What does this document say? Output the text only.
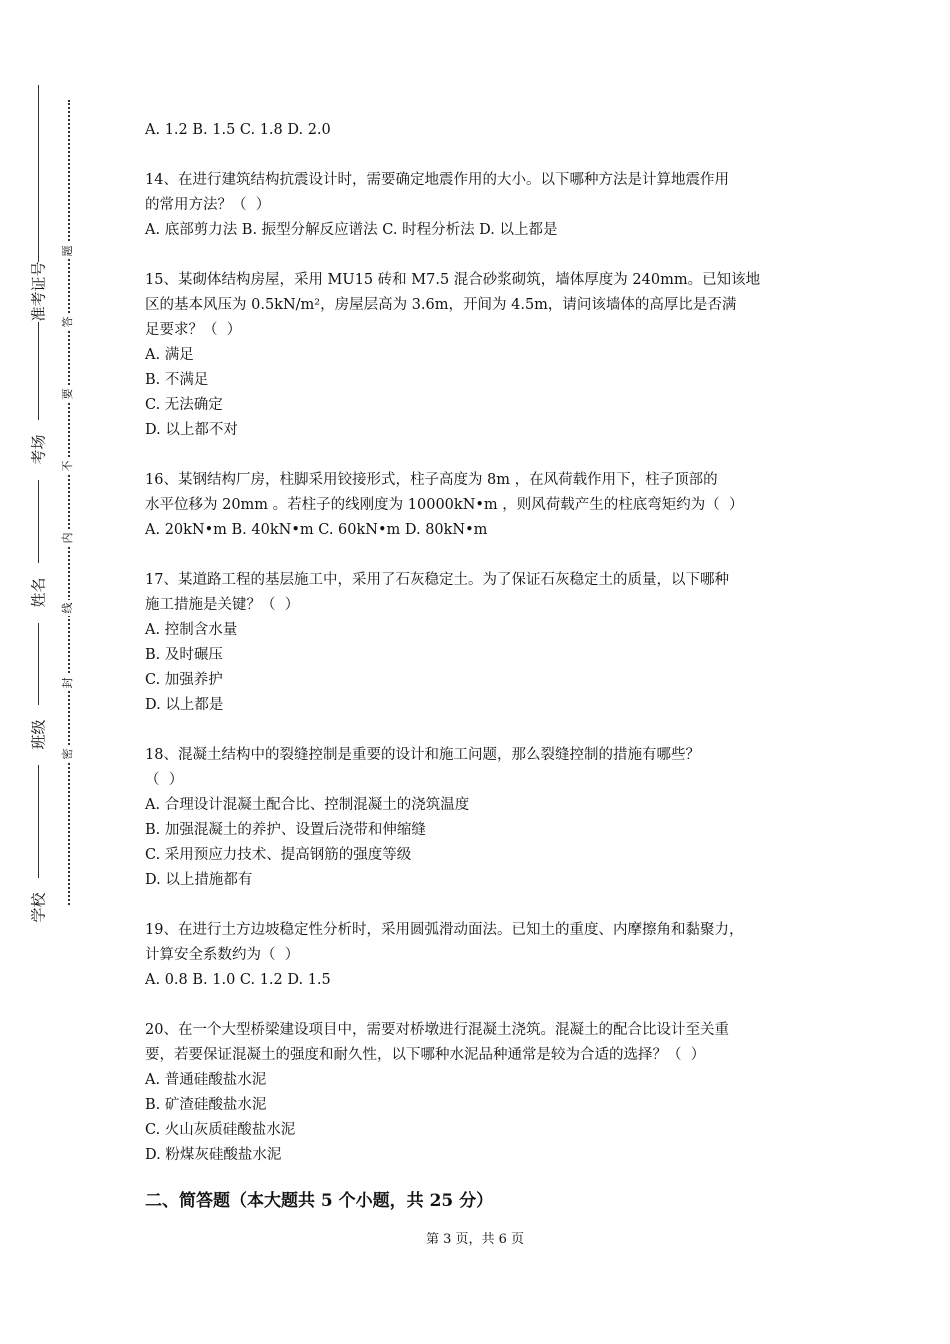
学校
班级
姓名
考场
准考证号
密
封
线
内
不
要
答
题

A. 1.2 B. 1.5 C. 1.8 D. 2.0

14、在进行建筑结构抗震设计时，需要确定地震作用的大小。以下哪种方法是计算地震作用

的常用方法？（  ）

A. 底部剪力法 B. 振型分解反应谱法 C. 时程分析法 D. 以上都是

15、某砌体结构房屋，采用 MU15 砖和 M7.5 混合砂浆砌筑，墙体厚度为 240mm。已知该地

区的基本风压为 0.5kN/m²，房屋层高为 3.6m，开间为 4.5m，请问该墙体的高厚比是否满

足要求？（  ）

A. 满足

B. 不满足

C. 无法确定

D. 以上都不对

16、某钢结构厂房，柱脚采用铰接形式，柱子高度为 8m ，在风荷载作用下，柱子顶部的

水平位移为 20mm 。若柱子的线刚度为 10000kN•m ，则风荷载产生的柱底弯矩约为（  ）

A. 20kN•m B. 40kN•m C. 60kN•m D. 80kN•m

17、某道路工程的基层施工中，采用了石灰稳定土。为了保证石灰稳定土的质量，以下哪种

施工措施是关键？（  ）

A. 控制含水量

B. 及时碾压

C. 加强养护

D. 以上都是

18、混凝土结构中的裂缝控制是重要的设计和施工问题，那么裂缝控制的措施有哪些？

（  ）

A. 合理设计混凝土配合比、控制混凝土的浇筑温度

B. 加强混凝土的养护、设置后浇带和伸缩缝

C. 采用预应力技术、提高钢筋的强度等级

D. 以上措施都有

19、在进行土方边坡稳定性分析时，采用圆弧滑动面法。已知土的重度、内摩擦角和黏聚力，

计算安全系数约为（  ）

A. 0.8 B. 1.0 C. 1.2 D. 1.5

20、在一个大型桥梁建设项目中，需要对桥墩进行混凝土浇筑。混凝土的配合比设计至关重

要，若要保证混凝土的强度和耐久性，以下哪种水泥品种通常是较为合适的选择？（  ）

A. 普通硅酸盐水泥

B. 矿渣硅酸盐水泥

C. 火山灰质硅酸盐水泥

D. 粉煤灰硅酸盐水泥

二、简答题（本大题共 5 个小题，共 25 分）
第 3 页，共 6 页
